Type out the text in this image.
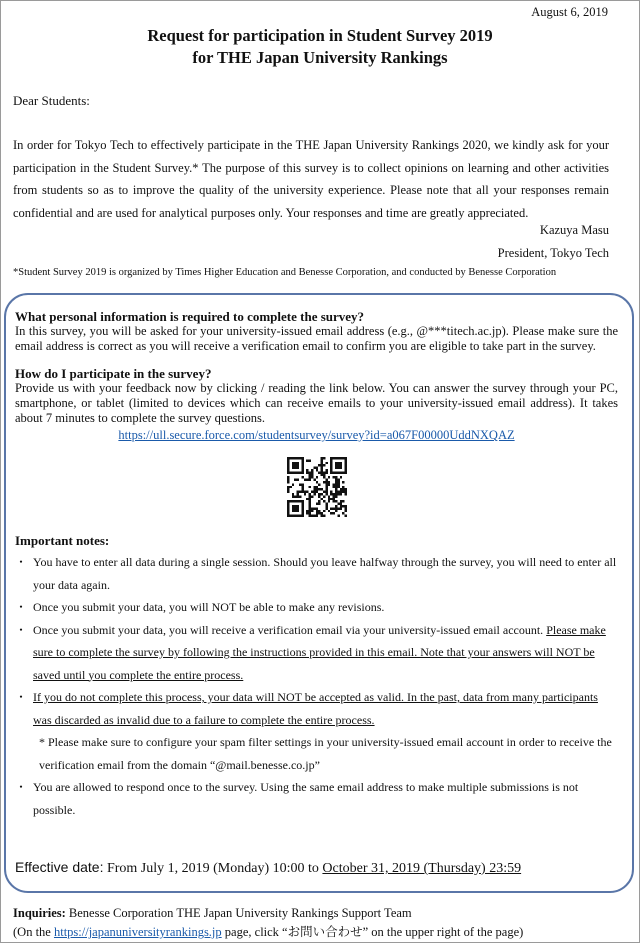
August 6, 2019
Request for participation in Student Survey 2019
for THE Japan University Rankings
Dear Students:
In order for Tokyo Tech to effectively participate in the THE Japan University Rankings 2020, we kindly ask for your participation in the Student Survey.* The purpose of this survey is to collect opinions on learning and other activities from students so as to improve the quality of the university experience. Please note that all your responses remain confidential and are used for analytical purposes only. Your responses and time are greatly appreciated.
Kazuya Masu
President, Tokyo Tech
*Student Survey 2019 is organized by Times Higher Education and Benesse Corporation, and conducted by Benesse Corporation
What personal information is required to complete the survey?
In this survey, you will be asked for your university-issued email address (e.g., @***titech.ac.jp). Please make sure the email address is correct as you will receive a verification email to confirm you are eligible to take part in the survey.
How do I participate in the survey?
Provide us with your feedback now by clicking / reading the link below. You can answer the survey through your PC, smartphone, or tablet (limited to devices which can receive emails to your university-issued email address). It takes about 7 minutes to complete the survey questions.
https://ull.secure.force.com/studentsurvey/survey?id=a067F00000UddNXQAZ
Important notes:
・ You have to enter all data during a single session. Should you leave halfway through the survey, you will need to enter all your data again.
・ Once you submit your data, you will NOT be able to make any revisions.
・ Once you submit your data, you will receive a verification email via your university-issued email account. Please make sure to complete the survey by following the instructions provided in this email. Note that your answers will NOT be saved until you complete the entire process.
・ If you do not complete this process, your data will NOT be accepted as valid. In the past, data from many participants was discarded as invalid due to a failure to complete the entire process.
* Please make sure to configure your spam filter settings in your university-issued email account in order to receive the verification email from the domain “@mail.benesse.co.jp”
・ You are allowed to respond once to the survey. Using the same email address to make multiple submissions is not possible.
Effective date: From July 1, 2019 (Monday) 10:00 to October 31, 2019 (Thursday) 23:59
Inquiries: Benesse Corporation THE Japan University Rankings Support Team
(On the https://japanuniversityrankings.jp page, click “お問い合わせ” on the upper right of the page)
